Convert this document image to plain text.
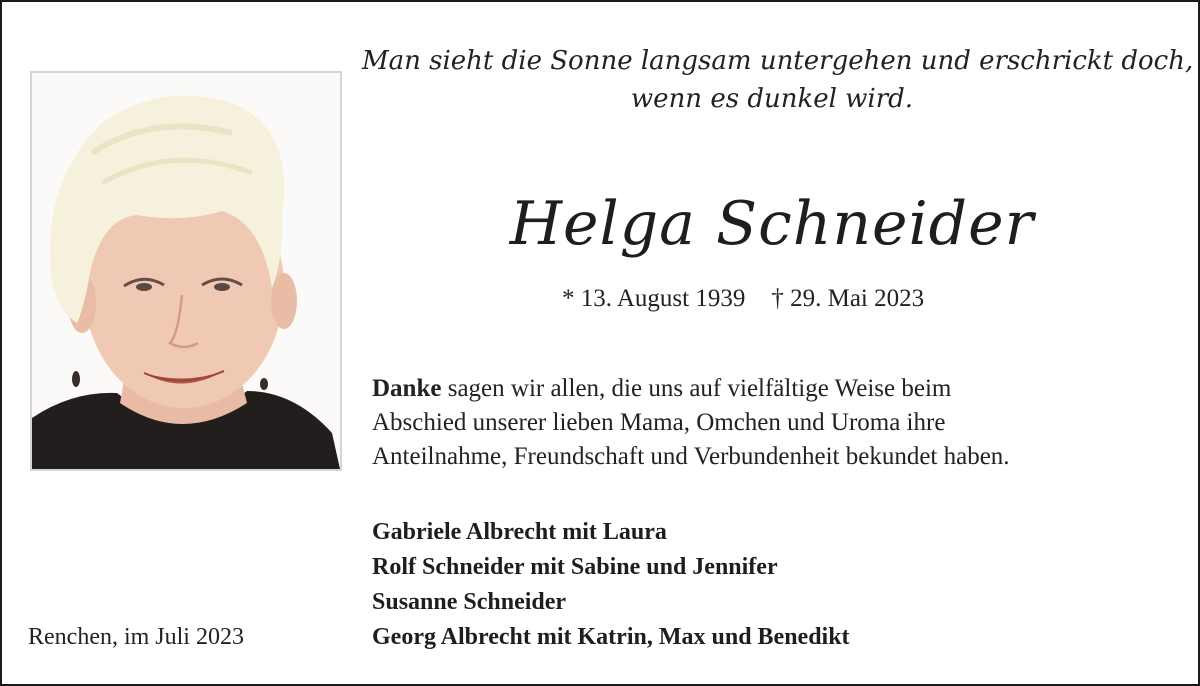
Man sieht die Sonne langsam untergehen und erschrickt doch,
wenn es dunkel wird.
Helga Schneider
* 13. August 1939 † 29. Mai 2023
Danke sagen wir allen, die uns auf vielfältige Weise beim
Abschied unserer lieben Mama, Omchen und Uroma ihre
Anteilnahme, Freundschaft und Verbundenheit bekundet haben.
Gabriele Albrecht mit Laura
Rolf Schneider mit Sabine und Jennifer
Susanne Schneider
Georg Albrecht mit Katrin, Max und Benedikt
Renchen, im Juli 2023
